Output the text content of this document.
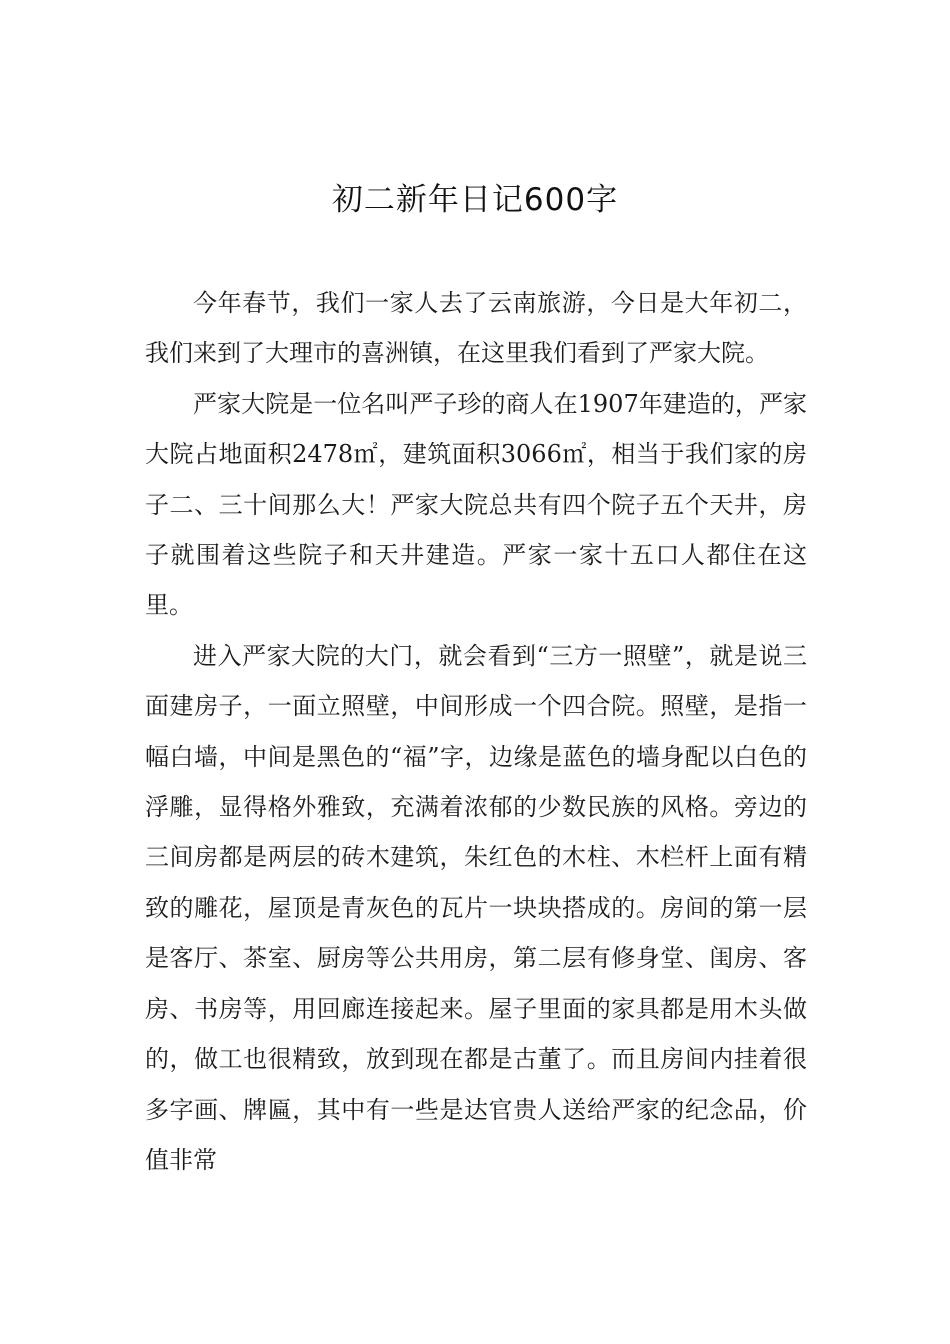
初二新年日记600字

今年春节，我们一家人去了云南旅游，今日是大年初二，我们来到了大理市的喜洲镇，在这里我们看到了严家大院。

严家大院是一位名叫严子珍的商人在1907年建造的，严家大院占地面积2478㎡，建筑面积3066㎡，相当于我们家的房子二、三十间那么大！严家大院总共有四个院子五个天井，房子就围着这些院子和天井建造。严家一家十五口人都住在这里。

进入严家大院的大门，就会看到“三方一照壁”，就是说三面建房子，一面立照壁，中间形成一个四合院。照壁，是指一幅白墙，中间是黑色的“福”字，边缘是蓝色的墙身配以白色的浮雕，显得格外雅致，充满着浓郁的少数民族的风格。旁边的三间房都是两层的砖木建筑，朱红色的木柱、木栏杆上面有精致的雕花，屋顶是青灰色的瓦片一块块搭成的。房间的第一层是客厅、茶室、厨房等公共用房，第二层有修身堂、闺房、客房、书房等，用回廊连接起来。屋子里面的家具都是用木头做的，做工也很精致，放到现在都是古董了。而且房间内挂着很多字画、牌匾，其中有一些是达官贵人送给严家的纪念品，价值非常
